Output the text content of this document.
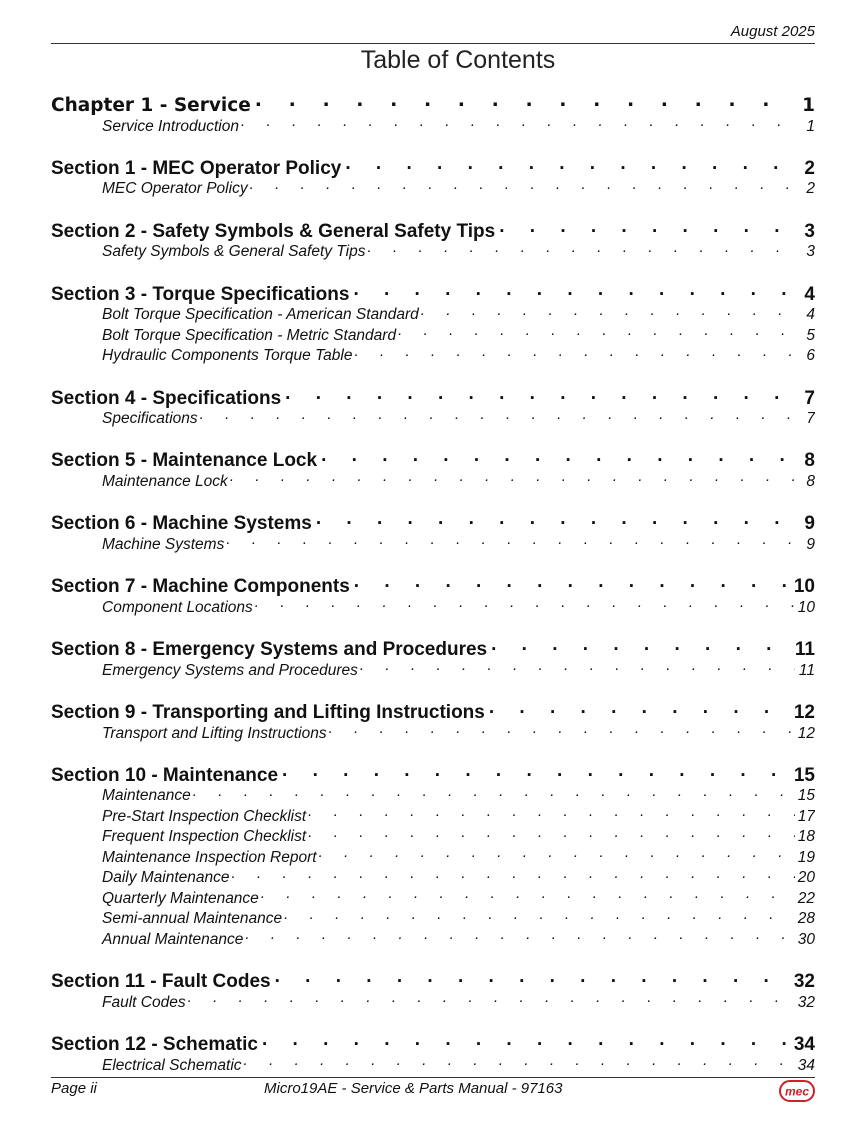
August 2025
Table of Contents
Chapter 1 - Service . . .	1
Service Introduction . . .	1
Section 1 - MEC Operator Policy . . .	2
MEC Operator Policy . . .	2
Section 2 - Safety Symbols & General Safety Tips . . .	3
Safety Symbols & General Safety Tips . . .	3
Section 3 - Torque Specifications . . .	4
Bolt Torque Specification - American Standard . . .	4
Bolt Torque Specification - Metric Standard . . .	5
Hydraulic Components Torque Table . . .	6
Section 4 - Specifications . . .	7
Specifications . . .	7
Section 5 - Maintenance Lock . . .	8
Maintenance Lock . . .	8
Section 6 - Machine Systems . . .	9
Machine Systems . . .	9
Section 7 - Machine Components . . .	10
Component Locations . . .	10
Section 8 - Emergency Systems and Procedures . . .	11
Emergency Systems and Procedures . . .	11
Section 9 - Transporting and Lifting Instructions . . .	12
Transport and Lifting Instructions . . .	12
Section 10 - Maintenance . . .	15
Maintenance . . .	15
Pre-Start Inspection Checklist . . .	17
Frequent Inspection Checklist . . .	18
Maintenance Inspection Report . . .	19
Daily Maintenance . . .	20
Quarterly Maintenance . . .	22
Semi-annual Maintenance . . .	28
Annual Maintenance . . .	30
Section 11 - Fault Codes . . .	32
Fault Codes . . .	32
Section 12 - Schematic . . .	34
Electrical Schematic . . .	34
Page ii	Micro19AE - Service & Parts Manual - 97163	mec
